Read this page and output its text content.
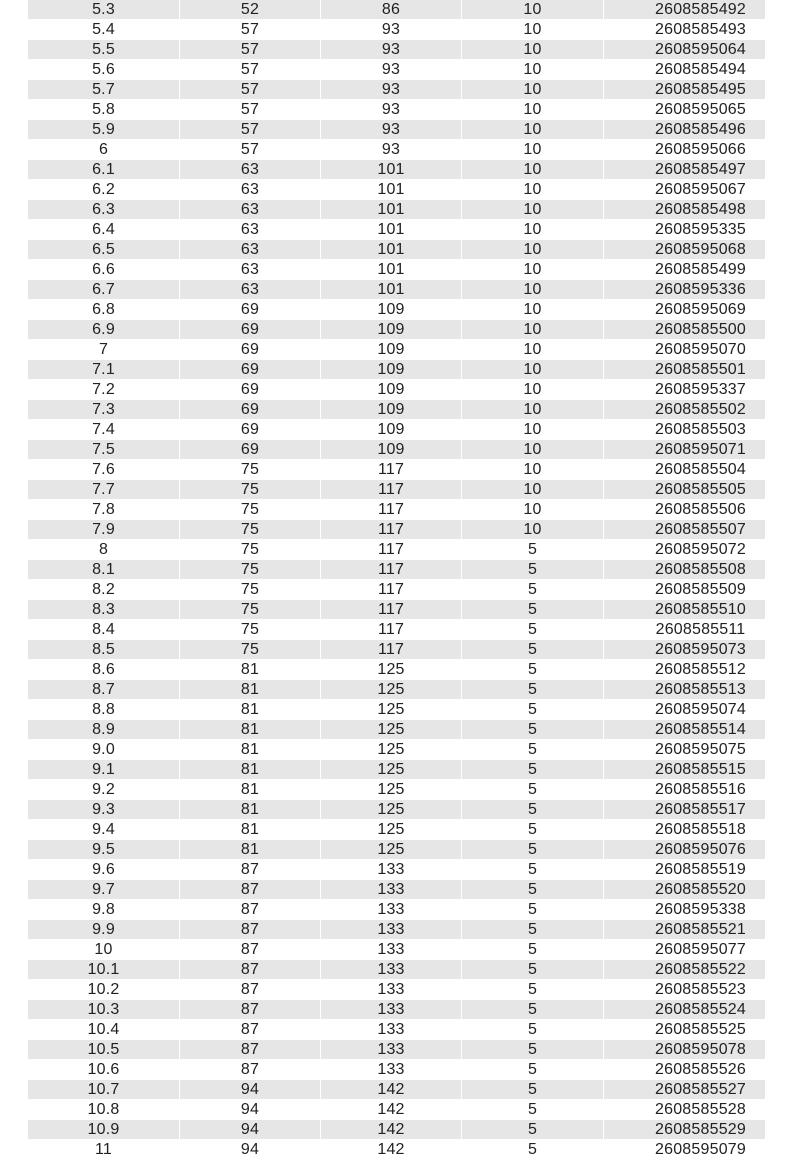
5.3	52	86	10	2608585492
5.4	57	93	10	2608585493
5.5	57	93	10	2608595064
5.6	57	93	10	2608585494
5.7	57	93	10	2608585495
5.8	57	93	10	2608595065
5.9	57	93	10	2608585496
6	57	93	10	2608595066
6.1	63	101	10	2608585497
6.2	63	101	10	2608595067
6.3	63	101	10	2608585498
6.4	63	101	10	2608595335
6.5	63	101	10	2608595068
6.6	63	101	10	2608585499
6.7	63	101	10	2608595336
6.8	69	109	10	2608595069
6.9	69	109	10	2608585500
7	69	109	10	2608595070
7.1	69	109	10	2608585501
7.2	69	109	10	2608595337
7.3	69	109	10	2608585502
7.4	69	109	10	2608585503
7.5	69	109	10	2608595071
7.6	75	117	10	2608585504
7.7	75	117	10	2608585505
7.8	75	117	10	2608585506
7.9	75	117	10	2608585507
8	75	117	5	2608595072
8.1	75	117	5	2608585508
8.2	75	117	5	2608585509
8.3	75	117	5	2608585510
8.4	75	117	5	2608585511
8.5	75	117	5	2608595073
8.6	81	125	5	2608585512
8.7	81	125	5	2608585513
8.8	81	125	5	2608595074
8.9	81	125	5	2608585514
9.0	81	125	5	2608595075
9.1	81	125	5	2608585515
9.2	81	125	5	2608585516
9.3	81	125	5	2608585517
9.4	81	125	5	2608585518
9.5	81	125	5	2608595076
9.6	87	133	5	2608585519
9.7	87	133	5	2608585520
9.8	87	133	5	2608595338
9.9	87	133	5	2608585521
10	87	133	5	2608595077
10.1	87	133	5	2608585522
10.2	87	133	5	2608585523
10.3	87	133	5	2608585524
10.4	87	133	5	2608585525
10.5	87	133	5	2608595078
10.6	87	133	5	2608585526
10.7	94	142	5	2608585527
10.8	94	142	5	2608585528
10.9	94	142	5	2608585529
11	94	142	5	2608595079
